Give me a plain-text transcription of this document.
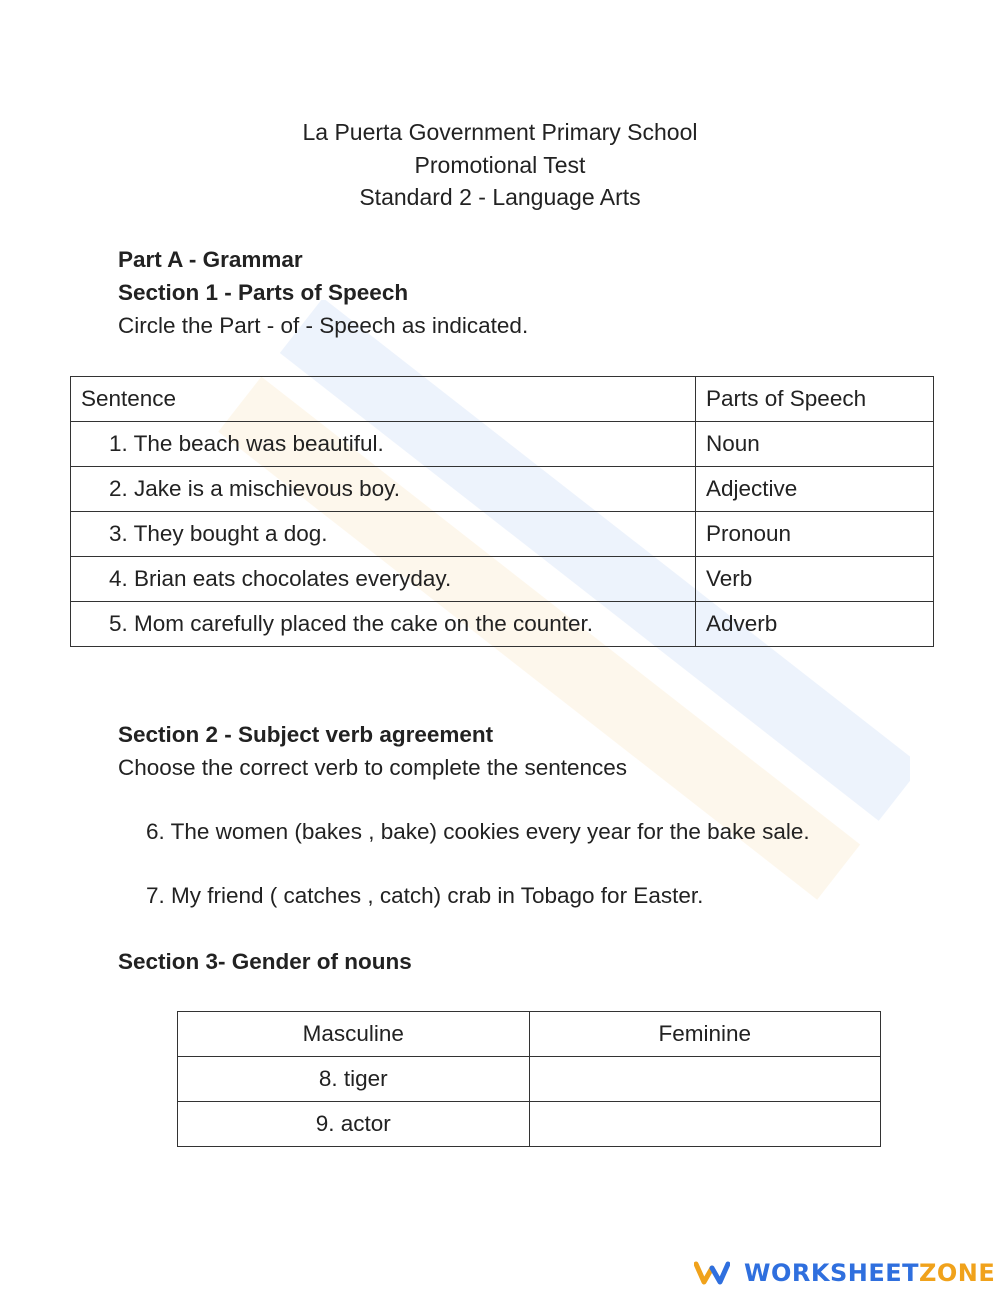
La Puerta Government Primary School
Promotional Test
Standard 2 - Language Arts
Part A - Grammar
Section 1 - Parts of Speech
Circle the Part - of - Speech as indicated.
Sentence	Parts of Speech
1. The beach was beautiful.	Noun
2. Jake is a mischievous boy.	Adjective
3. They bought a dog.	Pronoun
4. Brian eats chocolates everyday.	Verb
5. Mom carefully placed the cake on the counter.	Adverb
Section 2 - Subject verb agreement
Choose the correct verb to complete the sentences
6. The women (bakes , bake) cookies every year for the bake sale.
7. My friend ( catches , catch) crab in Tobago for Easter.
Section 3- Gender of nouns
Masculine	Feminine
8. tiger	
9. actor	
WORKSHEET ZONE
